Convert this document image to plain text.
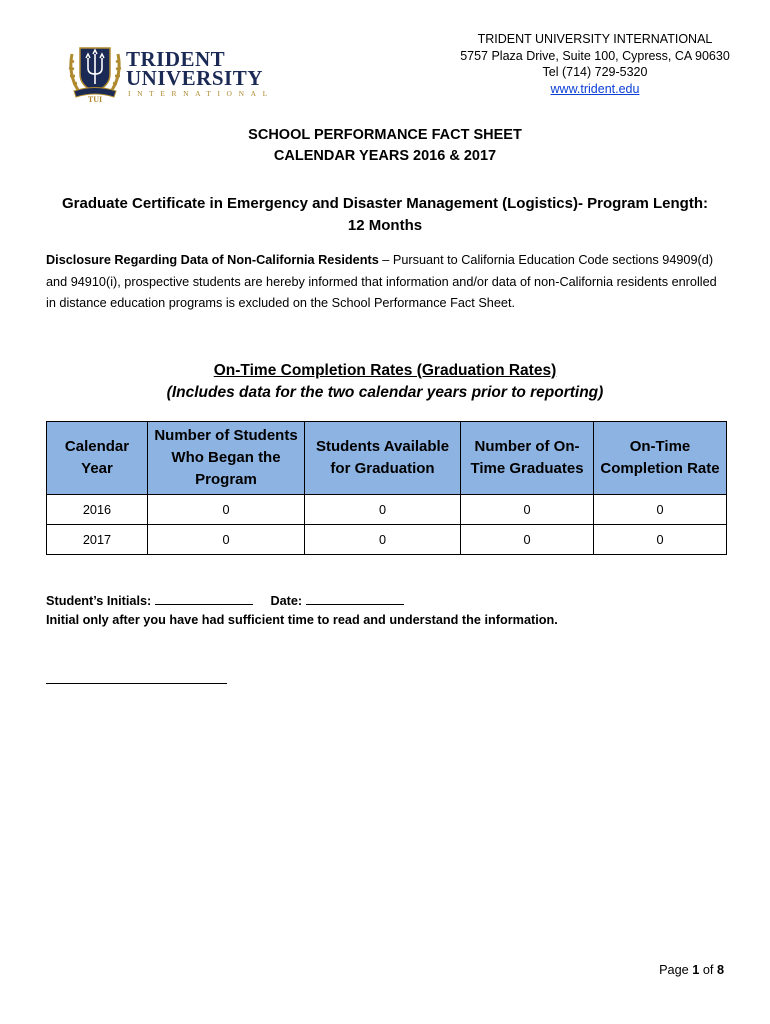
TUI
TRIDENT
UNIVERSITY
INTERNATIONAL
TRIDENT UNIVERSITY INTERNATIONAL
5757 Plaza Drive, Suite 100, Cypress, CA 90630
Tel (714) 729-5320
www.trident.edu
SCHOOL PERFORMANCE FACT SHEET
CALENDAR YEARS 2016 & 2017
Graduate Certificate in Emergency and Disaster Management (Logistics)- Program Length:
12 Months
Disclosure Regarding Data of Non-California Residents – Pursuant to California Education Code sections 94909(d) and 94910(i), prospective students are hereby informed that information and/or data of non-California residents enrolled in distance education programs is excluded on the School Performance Fact Sheet.
On-Time Completion Rates (Graduation Rates)
(Includes data for the two calendar years prior to reporting)
Calendar Year	Number of Students Who Began the Program	Students Available for Graduation	Number of On-Time Graduates	On-Time Completion Rate
2016	0	0	0	0
2017	0	0	0	0
Student’s Initials:	Date:
Initial only after you have had sufficient time to read and understand the information.
Page 1 of 8
